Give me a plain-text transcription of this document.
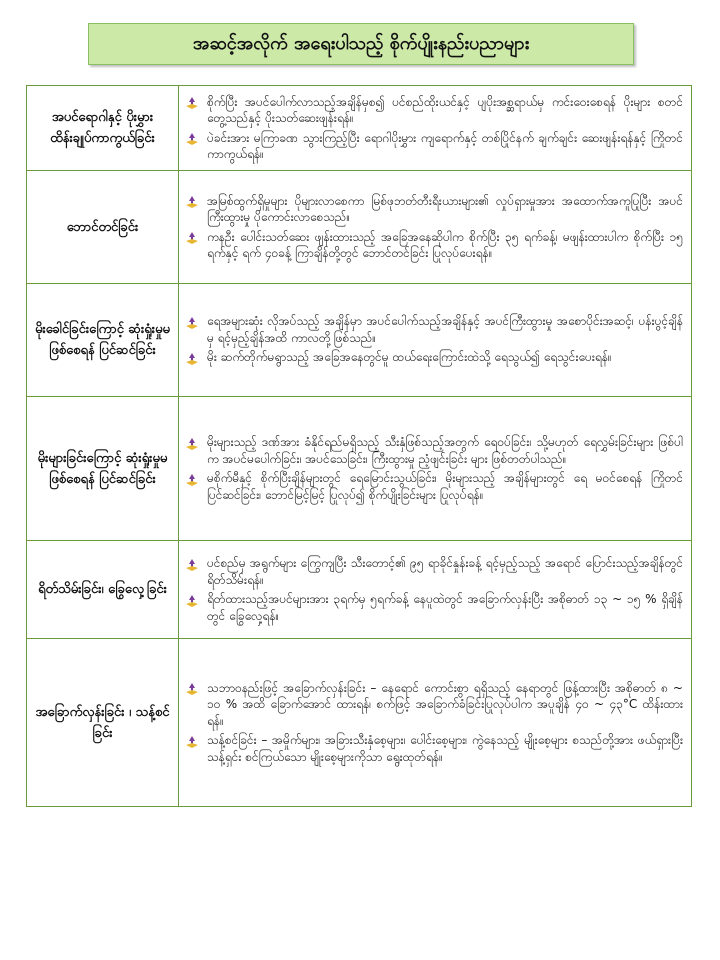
အဆင့်အလိုက် အရေးပါသည့် စိုက်ပျိုးနည်းပညာများ
အပင်ရောဂါနှင့် ပိုးမွှား ထိန်းချုပ်ကာကွယ်ခြင်း	စိုက်ပြီး အပင်ပေါက်လာသည့်အချိန်မှစ၍ ပင်စည်ထိုးယင်နှင့် ပျပိုးအစ္ဆရာယ်မှ ကင်းဝေးစေရန် ပိုးများ စတင်တွေ့သည်နှင့် ပိုးသတ်ဆေးဖျန်းရန်။
ပဲခင်းအား မကြာခဏ သွားကြည့်ပြီး ရောဂါပိုးမွှား ကျရောက်နှင့် တစ်ပြိုင်နက် ချက်ချင်း ဆေးဖျန်းရန်နှင့် ကြိုတင်ကာကွယ်ရန်။

ဘောင်တင်ခြင်း	အမြစ်ထွက်ရှိမှုများ ပိုများလာစေကာ မြစ်ဖုဘတ်တီးရီးယားများ၏ လှုပ်ရှားမှုအား အထောက်အကူပြုပြီး အပင်ကြီးထွားမှု ပိုကောင်းလာစေသည်။
ကနဦး ပေါင်းသတ်ဆေး ဖျန်းထားသည့် အခြေအနေဆိုပါက စိုက်ပြီး ၃၅ ရက်ခန့်၊ မဖျန်းထားပါက စိုက်ပြီး ၁၅ ရက်နှင့် ရက် ၄၀ခန့် ကြာချိန်တို့တွင် ဘောင်တင်ခြင်း ပြုလုပ်ပေးရန်။

မိုးခေါင်ခြင်းကြောင့် ဆုံးရှုံးမှုမဖြစ်စေရန် ပြင်ဆင်ခြင်း	ရေအများဆုံး လိုအပ်သည့် အချိန်မှာ အပင်ပေါက်သည့်အချိန်နှင့် အပင်ကြီးထွားမှု အစောပိုင်းအဆင့်၊ ပန်းပွင့်ချိန်မှ ရင့်မှည့်ချိန်အထိ ကာလတို့ဖြစ်သည်။
မိုး ဆက်တိုက်မရွာသည့် အခြေအနေတွင်မူ ထယ်ရေးကြောင်းထဲသို့ ရေသွယ်၍ ရေသွင်းပေးရန်။

မိုးများခြင်းကြောင့် ဆုံးရှုံးမှုမဖြစ်စေရန် ပြင်ဆင်ခြင်း	မိုးများသည့် ဒဏ်အား ခံနိုင်ရည်မရှိသည့် သီးနှံဖြစ်သည့်အတွက် ရေဝပ်ခြင်း၊ သို့မဟုတ် ရေလွှမ်းခြင်းများ ဖြစ်ပါက အပင်မပေါက်ခြင်း၊ အပင်သေခြင်း၊ ကြီးထွားမှု ညံ့ဖျင်းခြင်း များ ဖြစ်တတ်ပါသည်။
မစိုက်မီနှင့် စိုက်ပြီးချိန်များတွင် ရေမြောင်းသွယ်ခြင်း၊ မိုးများသည့် အချိန်များတွင် ရေ မဝင်စေရန် ကြိုတင်ပြင်ဆင်ခြင်း၊ ဘောင်မြင့်မြင့် ပြုလုပ်၍ စိုက်ပျိုးခြင်းများ ပြုလုပ်ရန်။

ရိတ်သိမ်းခြင်း၊ ခြွေလှေ့ခြင်း	ပင်စည်မှ အရွက်များ ကြွေကျပြီး သီးတောင့်၏ ၉၅ ရာခိုင်နှုန်းခန့် ရင့်မှည့်သည့် အရောင် ပြောင်းသည့်အချိန်တွင် ရိတ်သိမ်းရန်။
ရိတ်ထားသည့်အပင်များအား ၃ရက်မှ ၅ရက်ခန့် နေပူထဲတွင် အခြောက်လှန်းပြီး အစိုဓာတ် ၁၃ ~ ၁၅ % ရှိချိန်တွင် ခြွေလှေ့ရန်။

အခြောက်လှန်းခြင်း ၊ သန့်စင်ခြင်း	သဘာဝနည်းဖြင့် အခြောက်လှန်းခြင်း – နေရောင် ကောင်းစွာ ရရှိသည့် နေရာတွင် ဖြန့်ထားပြီး အစိုဓာတ် ၈ ~ ၁၀ % အထိ ခြောက်အောင် ထားရန်၊ စက်ဖြင့် အခြောက်ခံခြင်းပြုလုပ်ပါက အပူချိန် ၄၀ ~ ၄၃°C ထိန်းထားရန်။
သန့်စင်ခြင်း – အမှိုက်များ၊ အခြားသီးနှံစေ့များ၊ ပေါင်းစေ့များ၊ ကွဲနေသည့် မျိုးစေ့များ စသည်တို့အား ဖယ်ရှားပြီး သန့်ရှင်း စင်ကြယ်သော မျိုးစေ့များကိုသာ ရွေးထုတ်ရန်။
